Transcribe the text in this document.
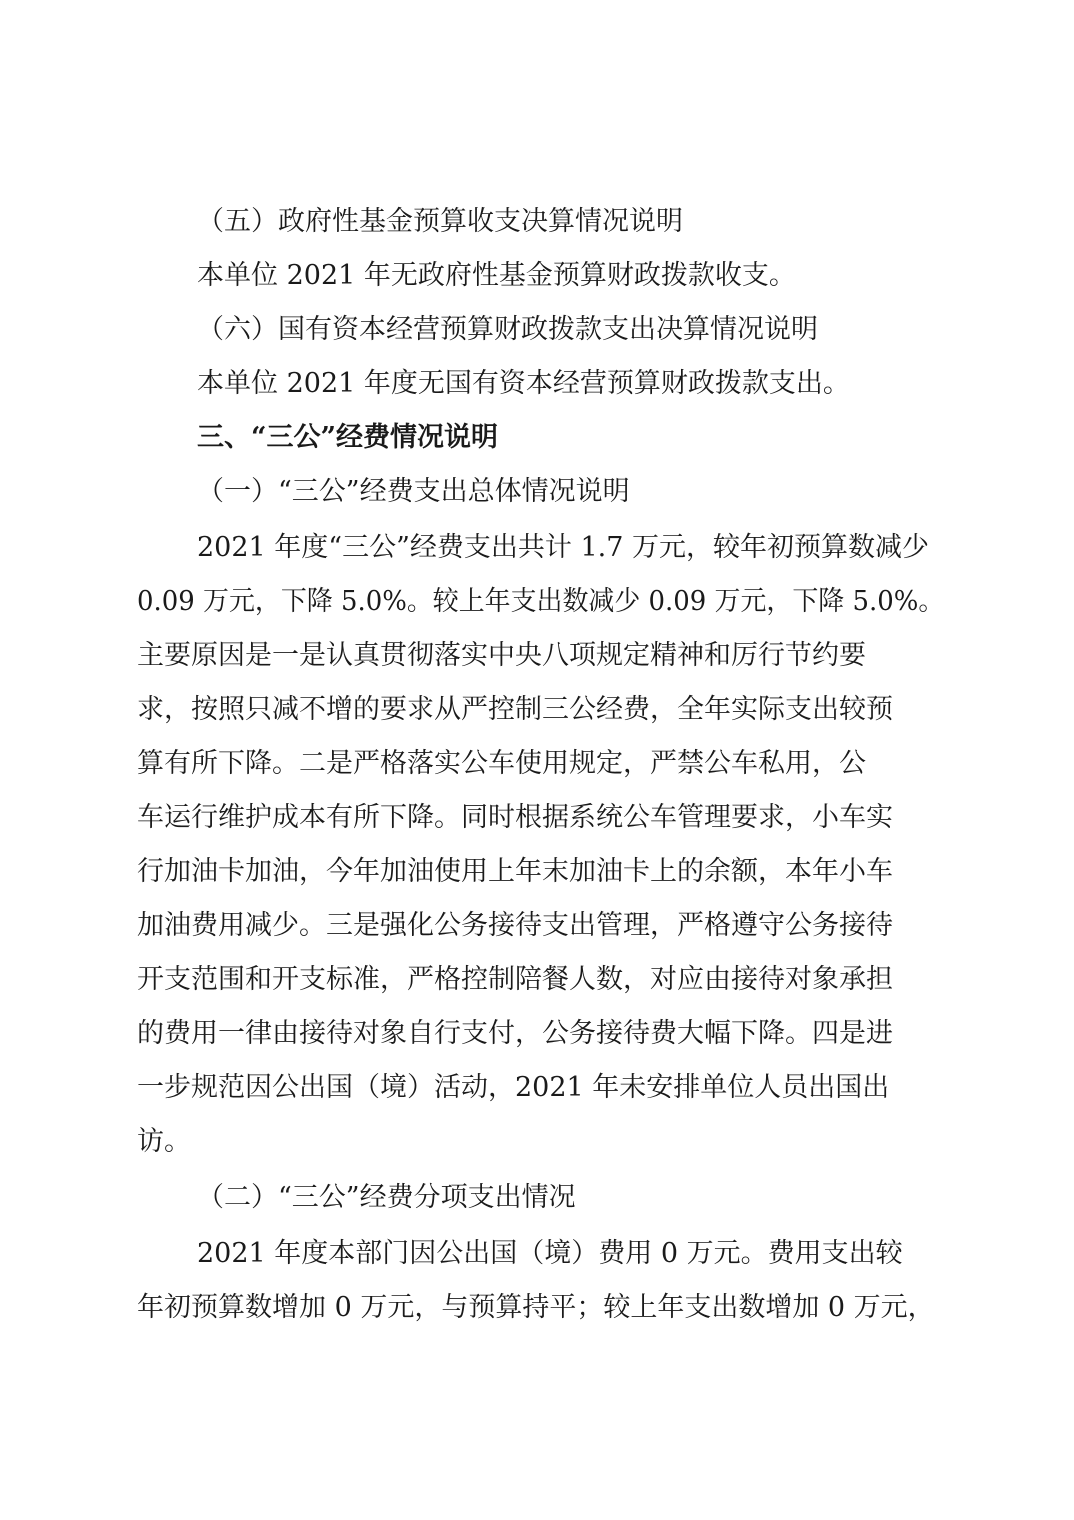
（五）政府性基金预算收支决算情况说明
本单位 2021 年无政府性基金预算财政拨款收支。
（六）国有资本经营预算财政拨款支出决算情况说明
本单位 2021 年度无国有资本经营预算财政拨款支出。
三、“三公”经费情况说明
（一）“三公”经费支出总体情况说明
2021 年度“三公”经费支出共计 1.7 万元，较年初预算数减少
0.09 万元，下降 5.0%。较上年支出数减少 0.09 万元，下降 5.0%。
主要原因是一是认真贯彻落实中央八项规定精神和厉行节约要
求，按照只减不增的要求从严控制三公经费，全年实际支出较预
算有所下降。二是严格落实公车使用规定，严禁公车私用，公
车运行维护成本有所下降。同时根据系统公车管理要求，小车实
行加油卡加油，今年加油使用上年末加油卡上的余额，本年小车
加油费用减少。三是强化公务接待支出管理，严格遵守公务接待
开支范围和开支标准，严格控制陪餐人数，对应由接待对象承担
的费用一律由接待对象自行支付，公务接待费大幅下降。四是进
一步规范因公出国（境）活动，2021 年未安排单位人员出国出
访。
（二）“三公”经费分项支出情况
2021 年度本部门因公出国（境）费用 0 万元。费用支出较
年初预算数增加 0 万元，与预算持平；较上年支出数增加 0 万元，
